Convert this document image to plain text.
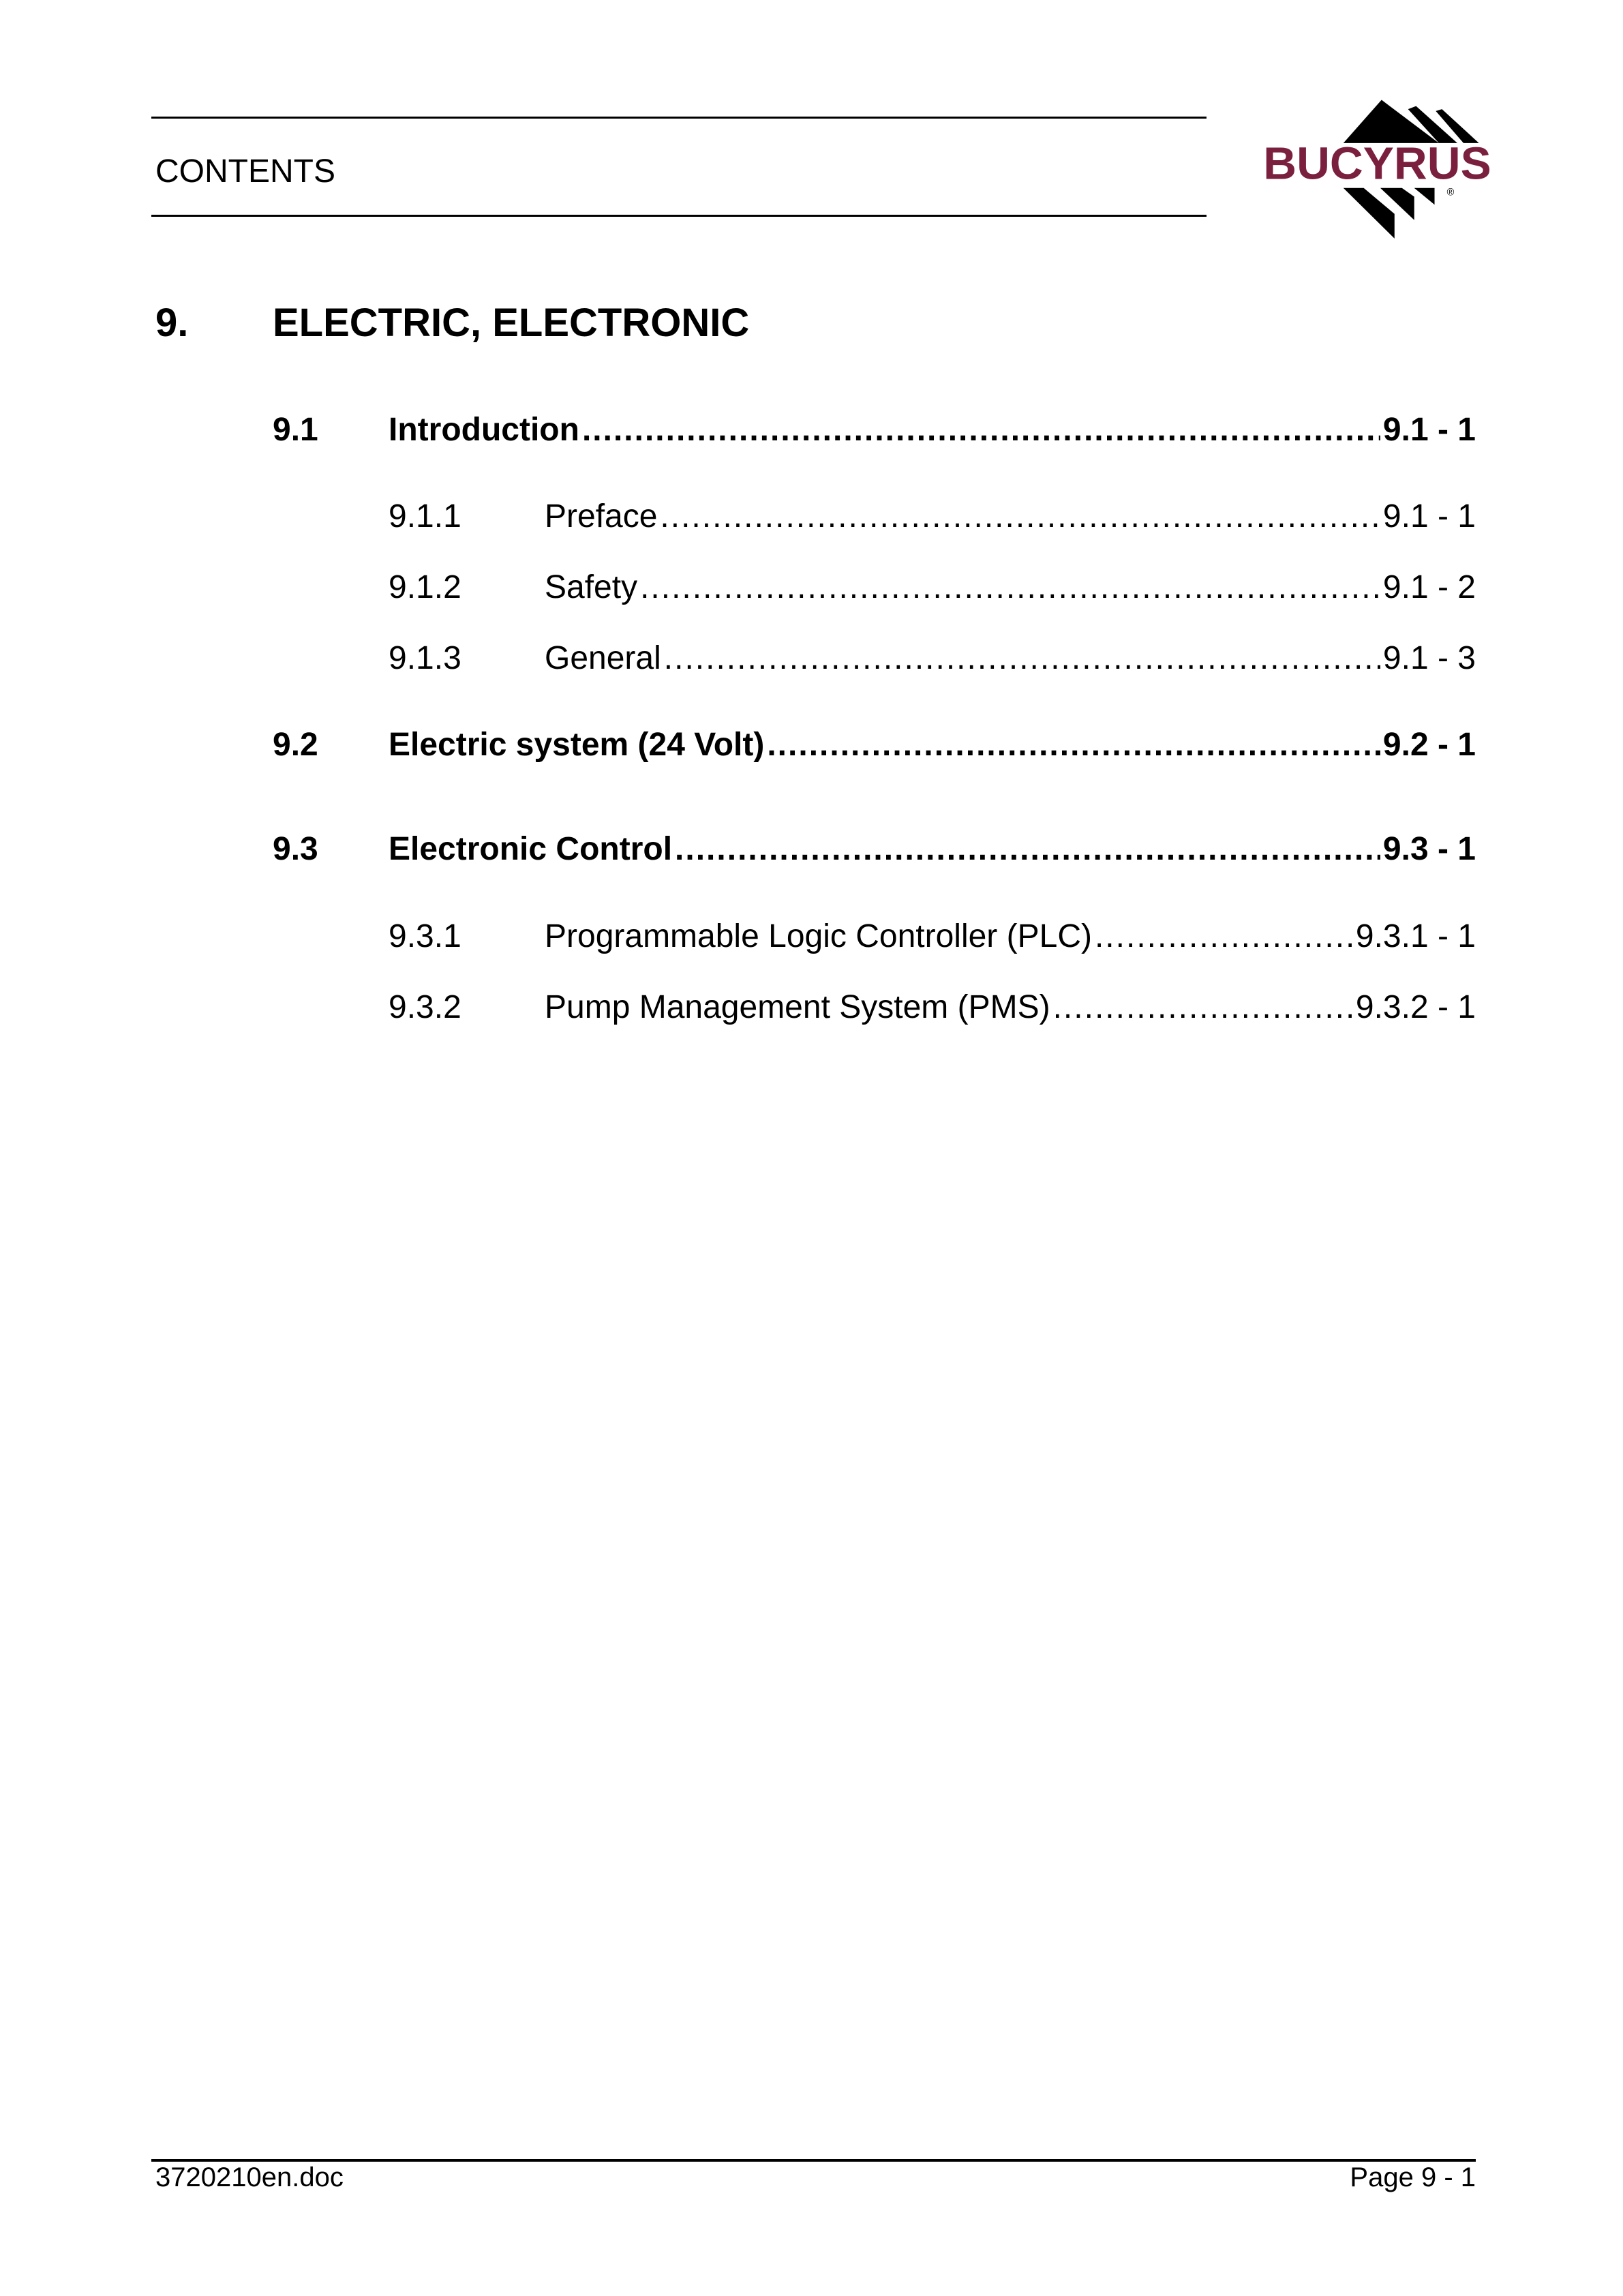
CONTENTS	BUCYRUS
®
9. ELECTRIC, ELECTRONIC
9.1 Introduction .....	9.1 - 1
9.1.1	Preface .....	9.1 - 1
9.1.2	Safety .....	9.1 - 2
9.1.3	General .....	9.1 - 3
9.2 Electric system (24 Volt) .....	9.2 - 1
9.3 Electronic Control .....	9.3 - 1
9.3.1	Programmable Logic Controller (PLC) .....	9.3.1 - 1
9.3.2	Pump Management System (PMS) .....	9.3.2 - 1
3720210en.doc	Page 9 - 1
